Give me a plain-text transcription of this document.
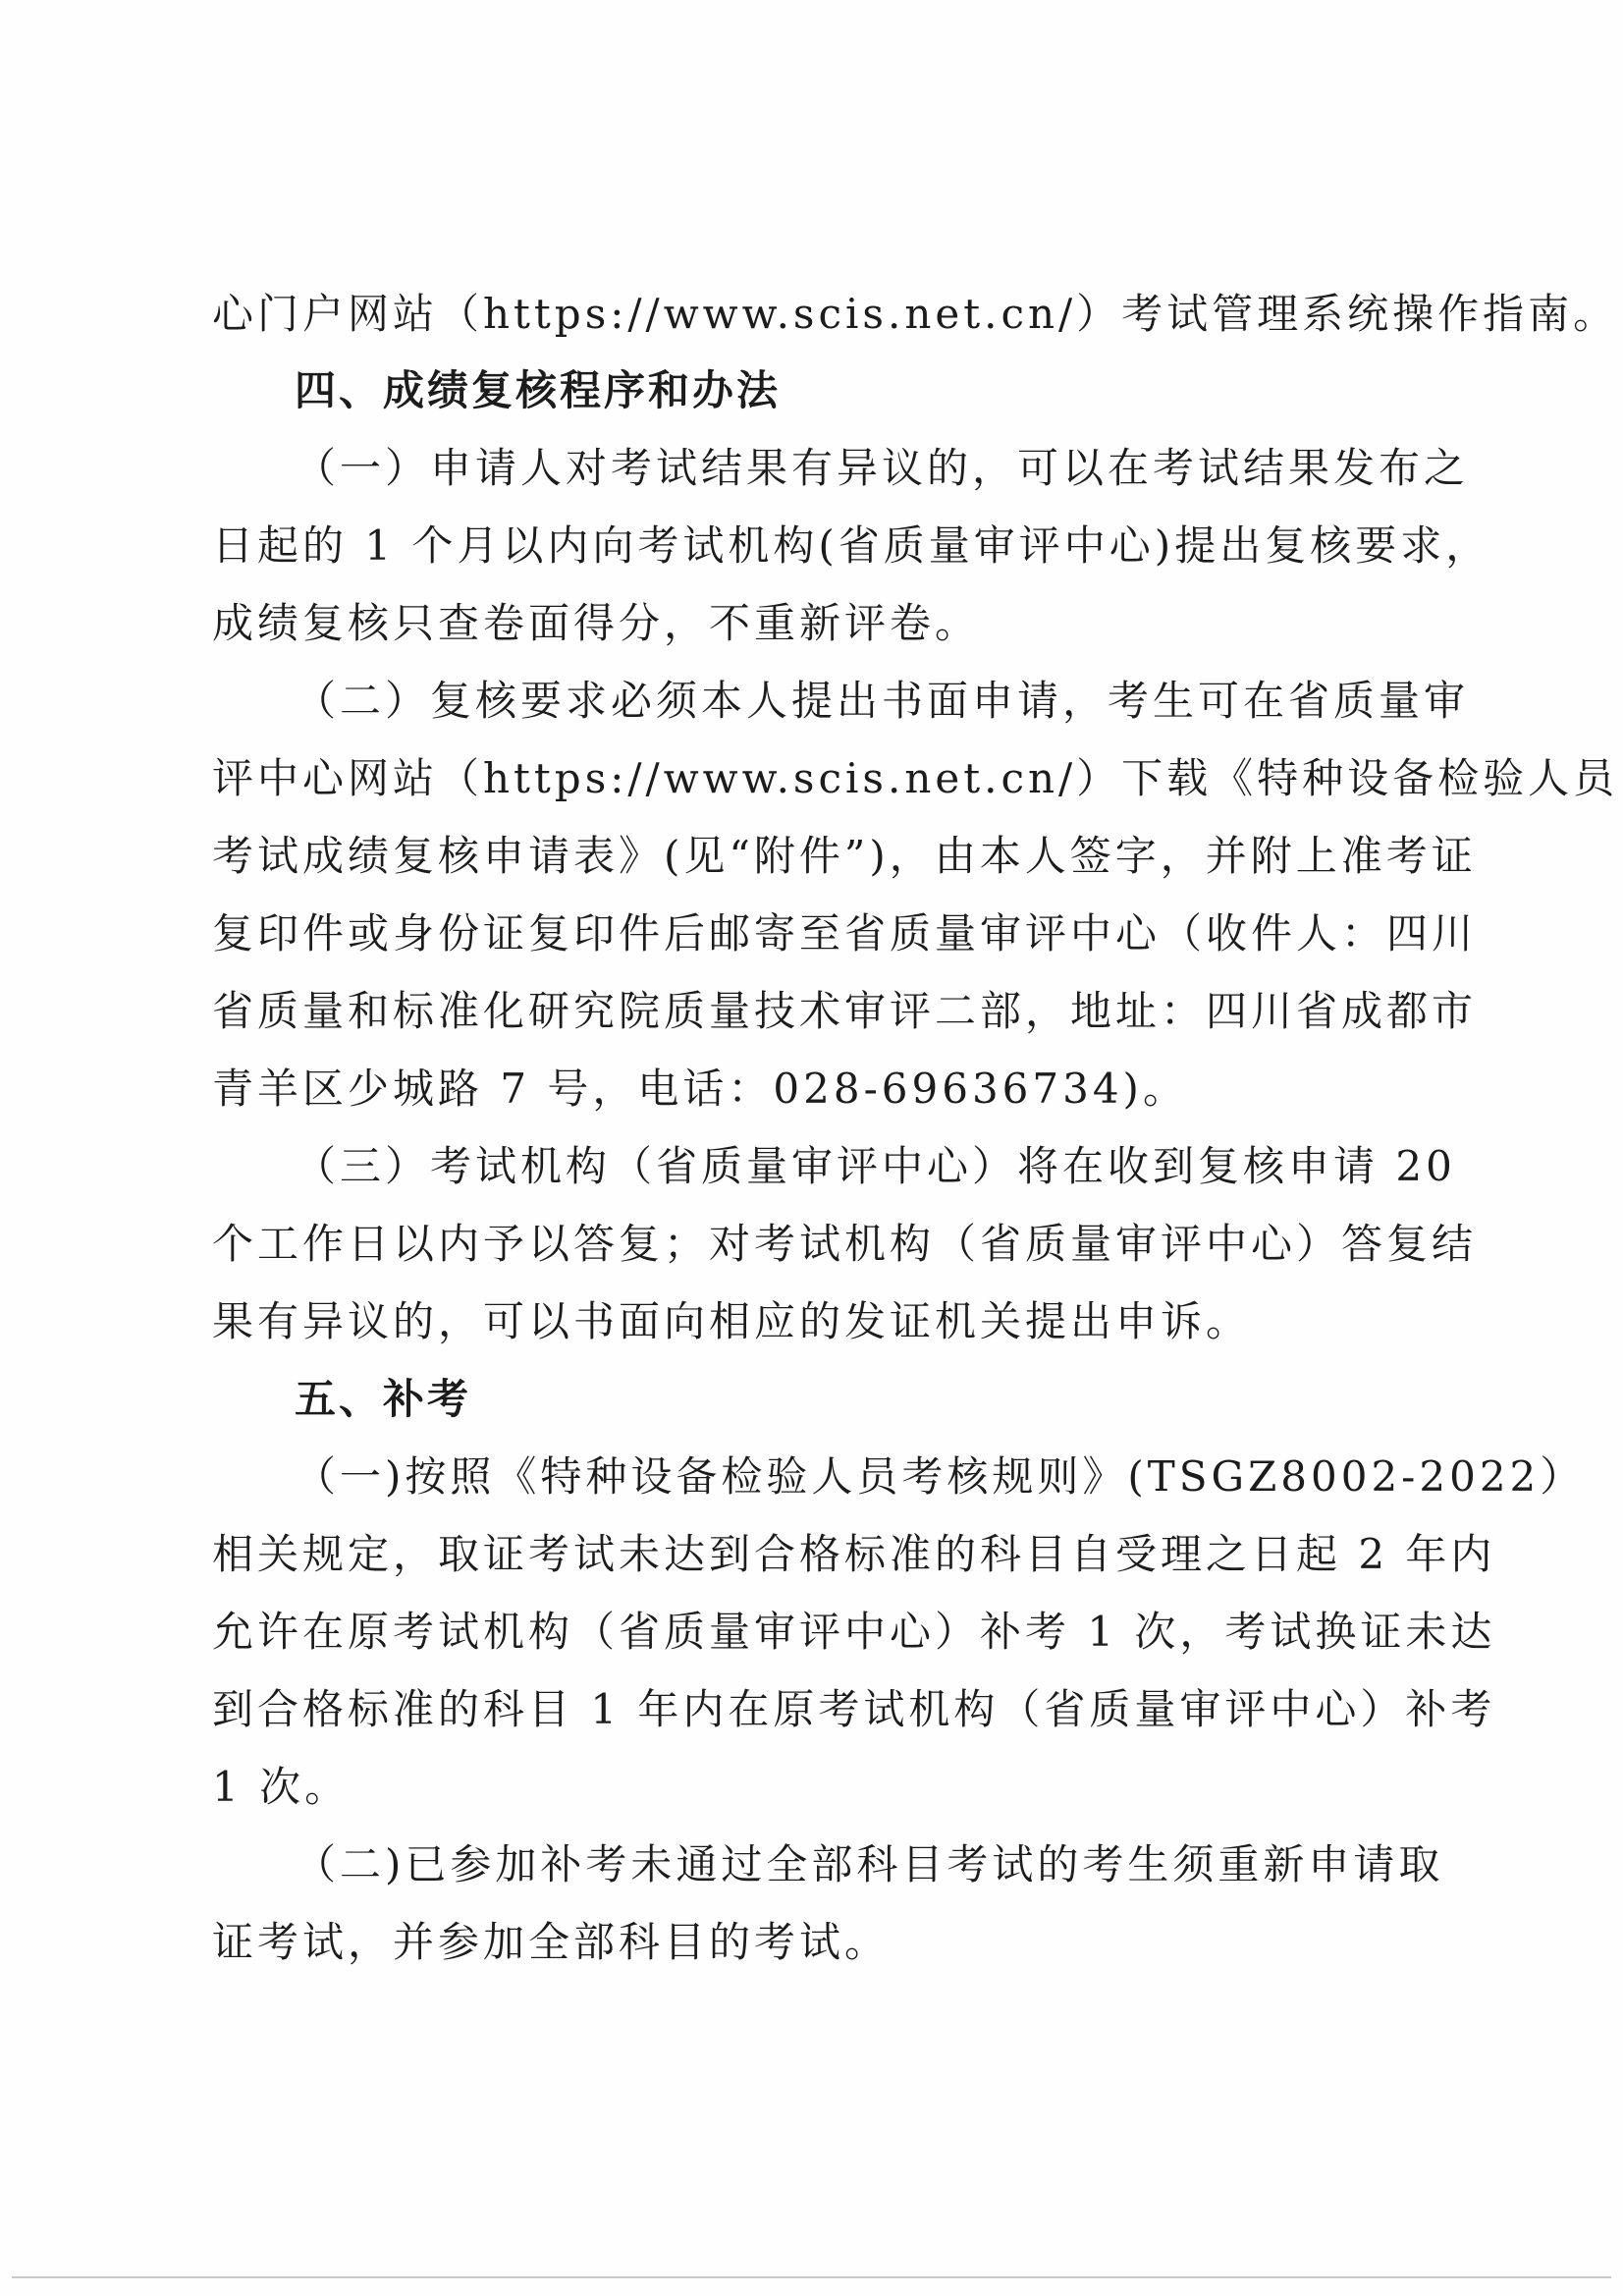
心门户网站（https://www.scis.net.cn/）考试管理系统操作指南。
四、成绩复核程序和办法
（一）申请人对考试结果有异议的，可以在考试结果发布之
日起的 1 个月以内向考试机构(省质量审评中心)提出复核要求，
成绩复核只查卷面得分，不重新评卷。
（二）复核要求必须本人提出书面申请，考生可在省质量审
评中心网站（https://www.scis.net.cn/）下载《特种设备检验人员
考试成绩复核申请表》(见“附件”)，由本人签字，并附上准考证
复印件或身份证复印件后邮寄至省质量审评中心（收件人：四川
省质量和标准化研究院质量技术审评二部，地址：四川省成都市
青羊区少城路 7 号，电话：028-69636734)。
（三）考试机构（省质量审评中心）将在收到复核申请 20
个工作日以内予以答复；对考试机构（省质量审评中心）答复结
果有异议的，可以书面向相应的发证机关提出申诉。
五、补考
（一)按照《特种设备检验人员考核规则》(TSGZ8002-2022）
相关规定，取证考试未达到合格标准的科目自受理之日起 2 年内
允许在原考试机构（省质量审评中心）补考 1 次，考试换证未达
到合格标准的科目 1 年内在原考试机构（省质量审评中心）补考
1 次。
（二)已参加补考未通过全部科目考试的考生须重新申请取
证考试，并参加全部科目的考试。
